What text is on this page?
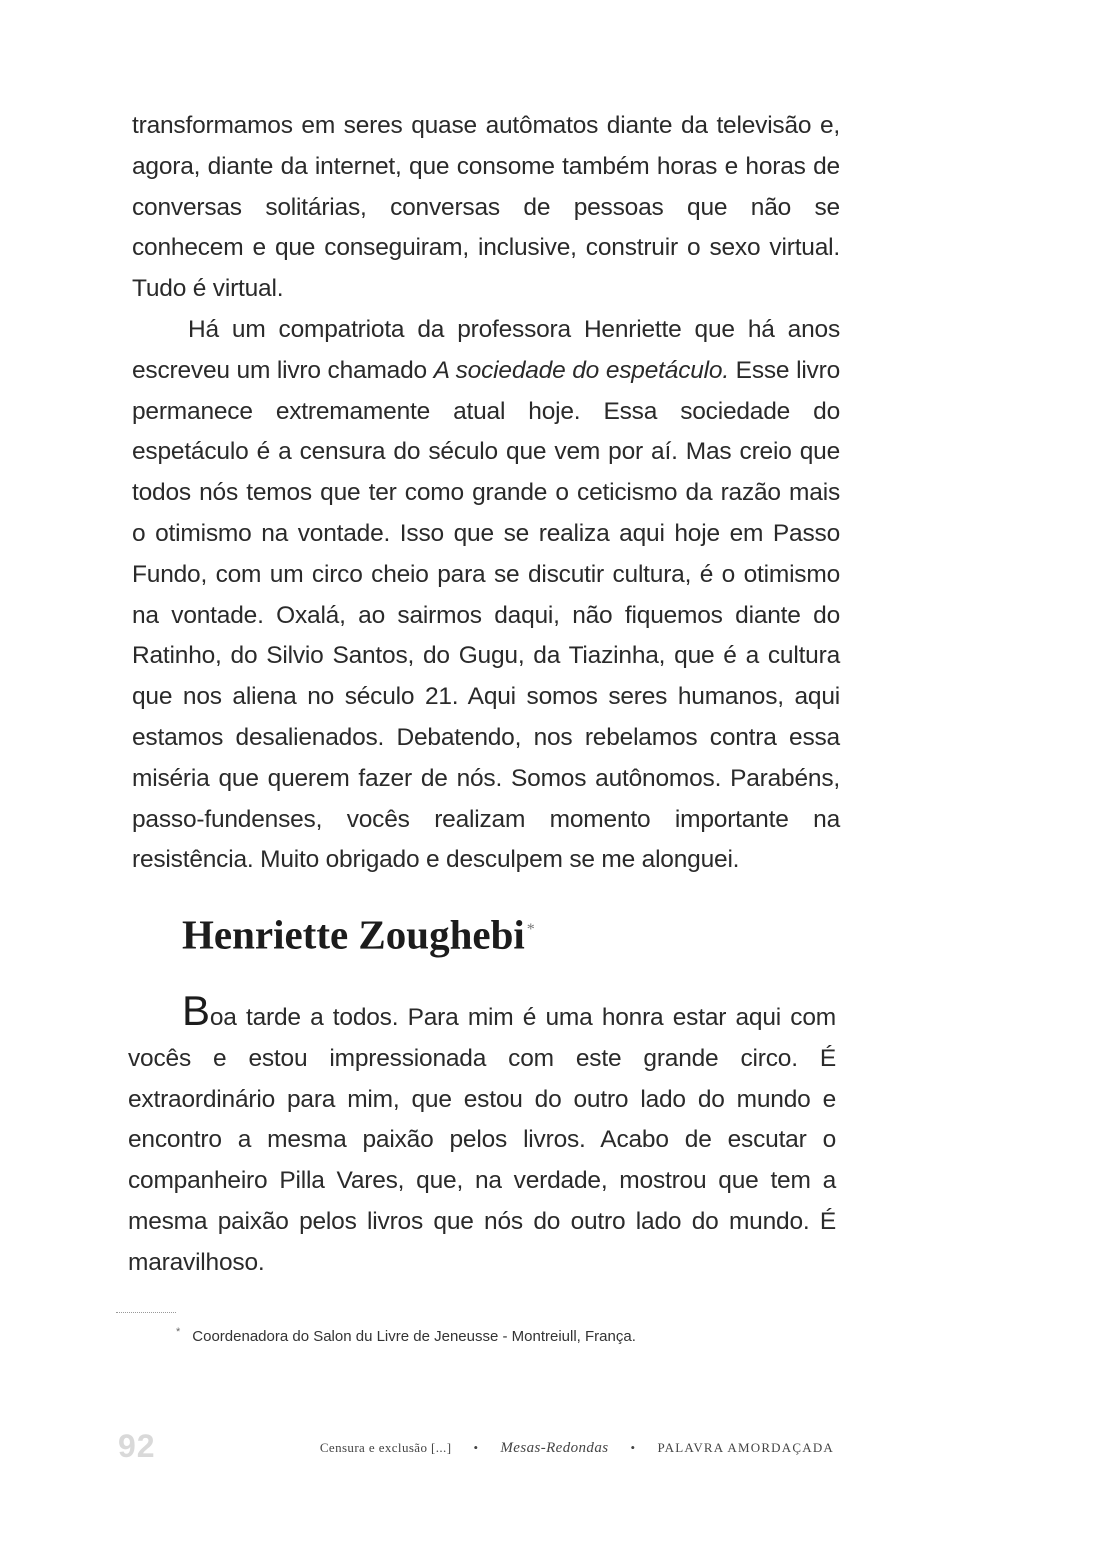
transformamos em seres quase autômatos diante da televisão e, agora, diante da internet, que consome também horas e horas de conversas solitárias, conversas de pessoas que não se conhecem e que conseguiram, inclusive, construir o sexo virtual. Tudo é virtual.

Há um compatriota da professora Henriette que há anos escreveu um livro chamado A sociedade do espetáculo. Esse livro permanece extremamente atual hoje. Essa sociedade do espetáculo é a censura do século que vem por aí. Mas creio que todos nós temos que ter como grande o ceticismo da razão mais o otimismo na vontade. Isso que se realiza aqui hoje em Passo Fundo, com um circo cheio para se discutir cultura, é o otimismo na vontade. Oxalá, ao sairmos daqui, não fiquemos diante do Ratinho, do Silvio Santos, do Gugu, da Tiazinha, que é a cultura que nos aliena no século 21. Aqui somos seres humanos, aqui estamos desalienados. Debatendo, nos rebelamos contra essa miséria que querem fazer de nós. Somos autônomos. Parabéns, passo-fundenses, vocês realizam momento importante na resistência. Muito obrigado e desculpem se me alonguei.

Henriette Zoughebi *

Boa tarde a todos. Para mim é uma honra estar aqui com vocês e estou impressionada com este grande circo. É extraordinário para mim, que estou do outro lado do mundo e encontro a mesma paixão pelos livros. Acabo de escutar o companheiro Pilla Vares, que, na verdade, mostrou que tem a mesma paixão pelos livros que nós do outro lado do mundo. É maravilhoso.

* Coordenadora do Salon du Livre de Jeneusse - Montreiull, França.
92	Censura e exclusão [...] • Mesas-Redondas • PALAVRA AMORDAÇADA
